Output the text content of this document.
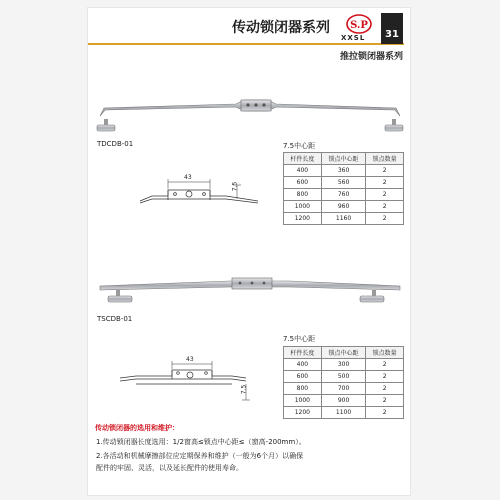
传动锁闭器系列 S.P
XXSL	31
推拉锁闭器系列
TDCDB-01
43
7.5
7.5中心距
杆件长度	锁点中心距	锁点数量
400	360	2
600	560	2
800	760	2
1000	960	2
1200	1160	2
TSCDB-01
43
7.5
7.5中心距
杆件长度	锁点中心距	锁点数量
400	300	2
600	500	2
800	700	2
1000	900	2
1200	1100	2
传动锁闭器的选用和维护：
1.传动锁闭器长度选用：1/2窗高≤锁点中心距≤（窗高-200mm）。
2.各活动和机械摩擦部位应定期保养和维护（一般为6个月）以确保
配件的牢固、灵活，以及延长配件的使用寿命。
